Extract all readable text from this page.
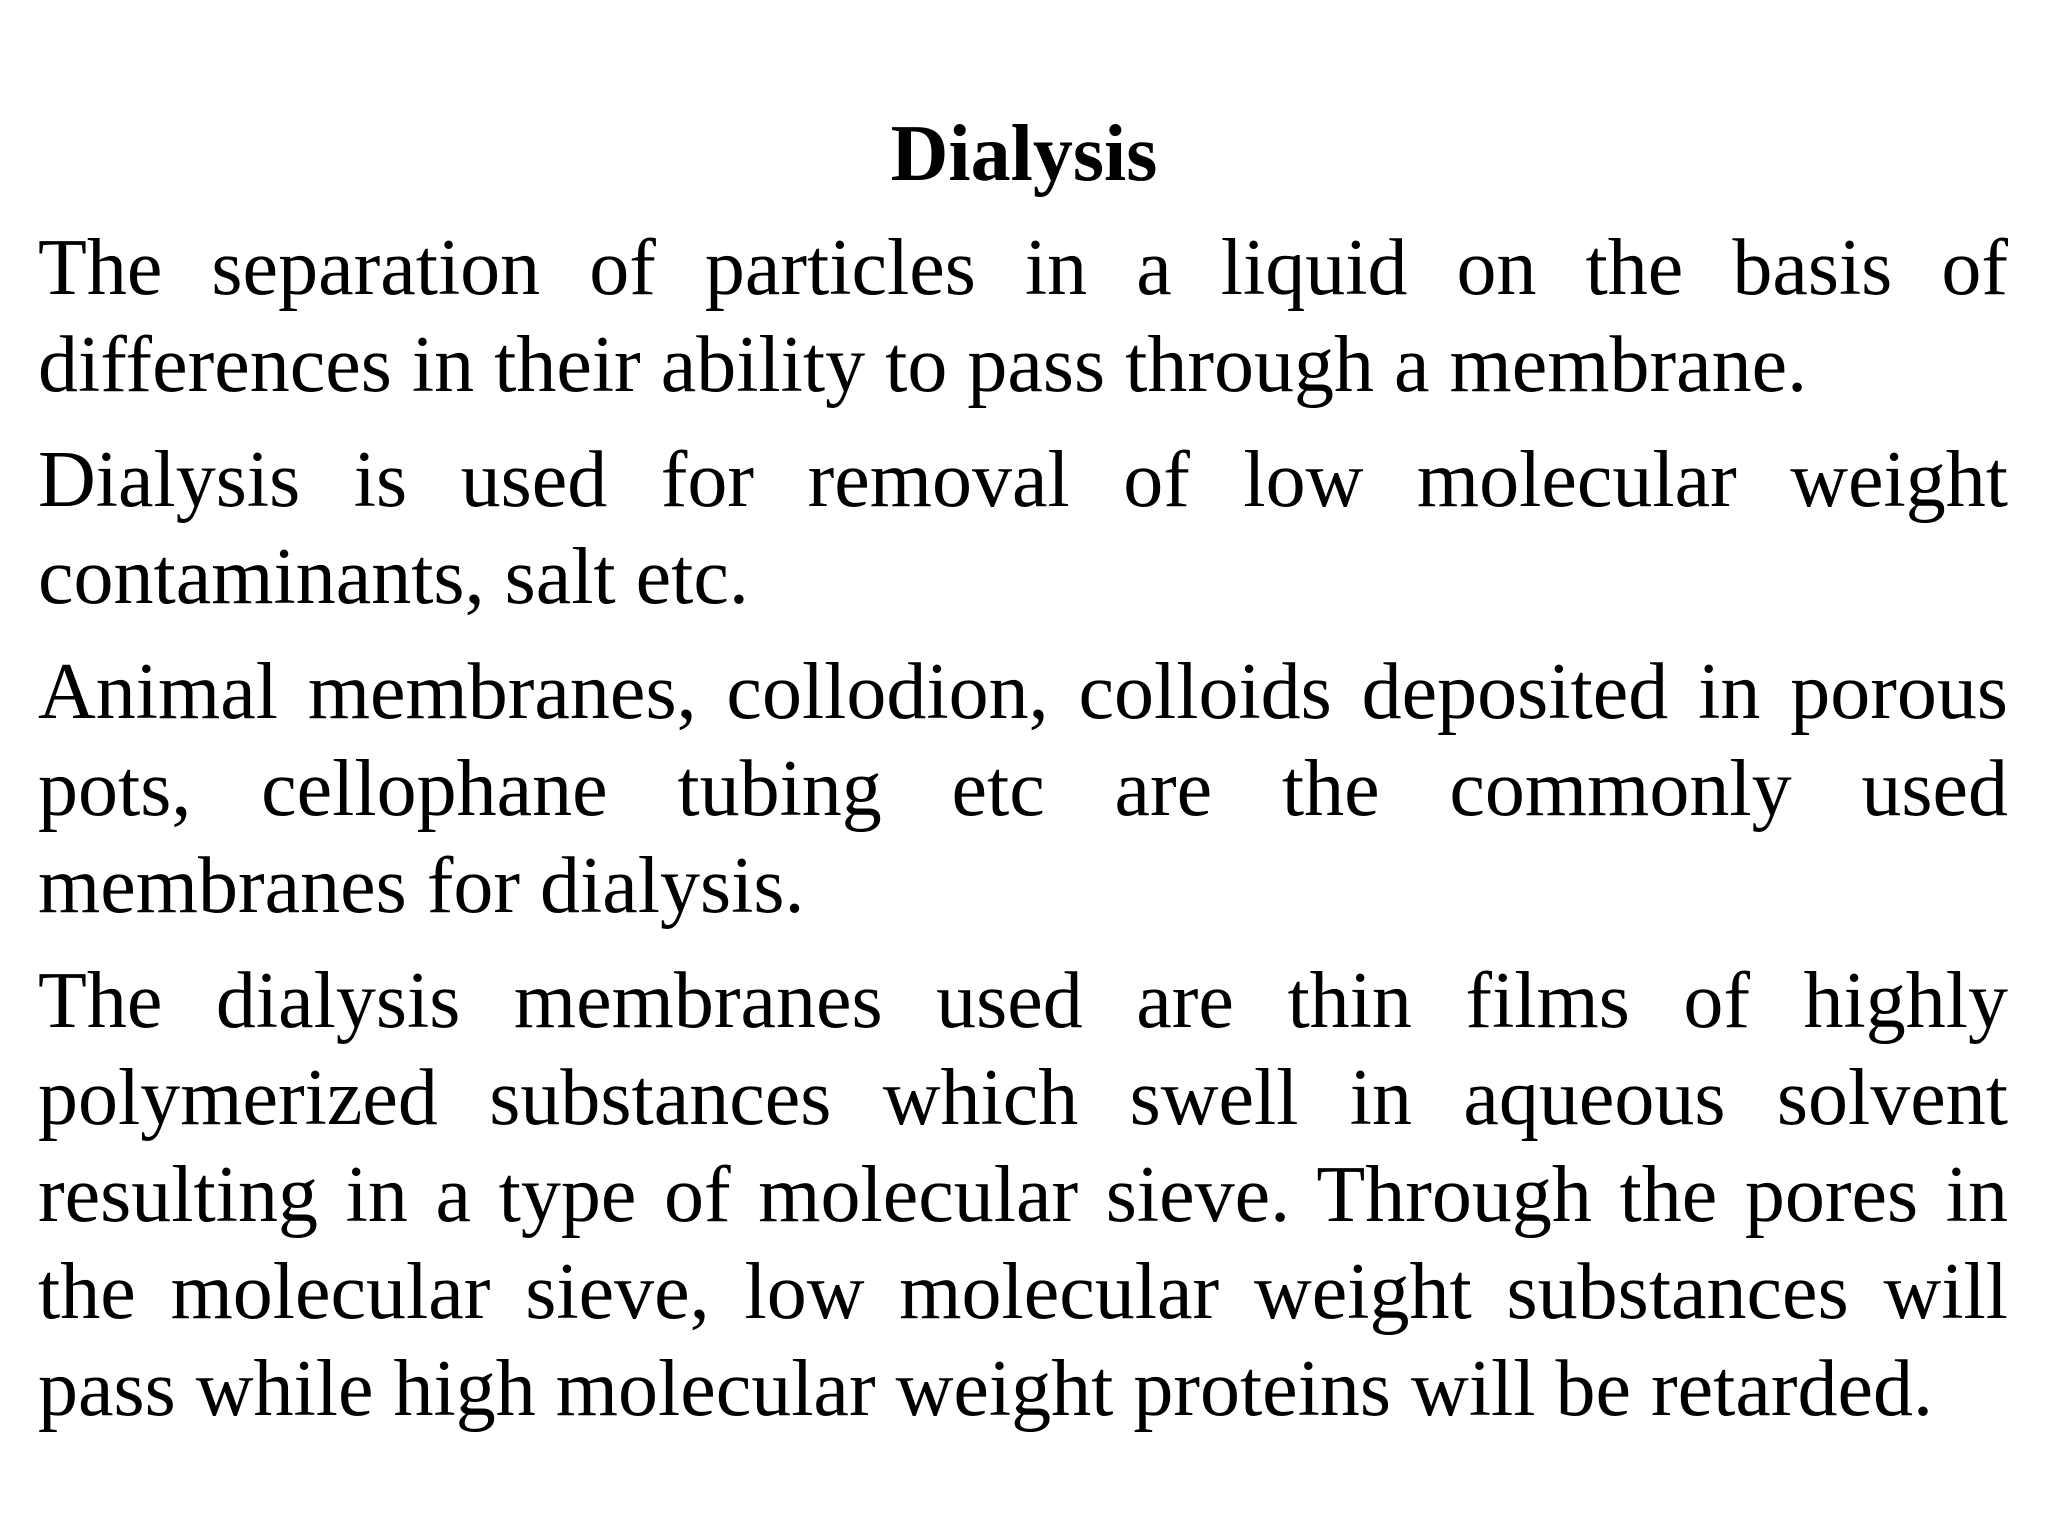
Dialysis

The separation of particles in a liquid on the basis of differences in their ability to pass through a membrane.

Dialysis is used for removal of low molecular weight contaminants, salt etc.

Animal membranes, collodion, colloids deposited in porous pots, cellophane tubing etc are the commonly used membranes for dialysis.

The dialysis membranes used are thin films of highly polymerized substances which swell in aqueous solvent resulting in a type of molecular sieve. Through the pores in the molecular sieve, low molecular weight substances will pass while high molecular weight proteins will be retarded.
